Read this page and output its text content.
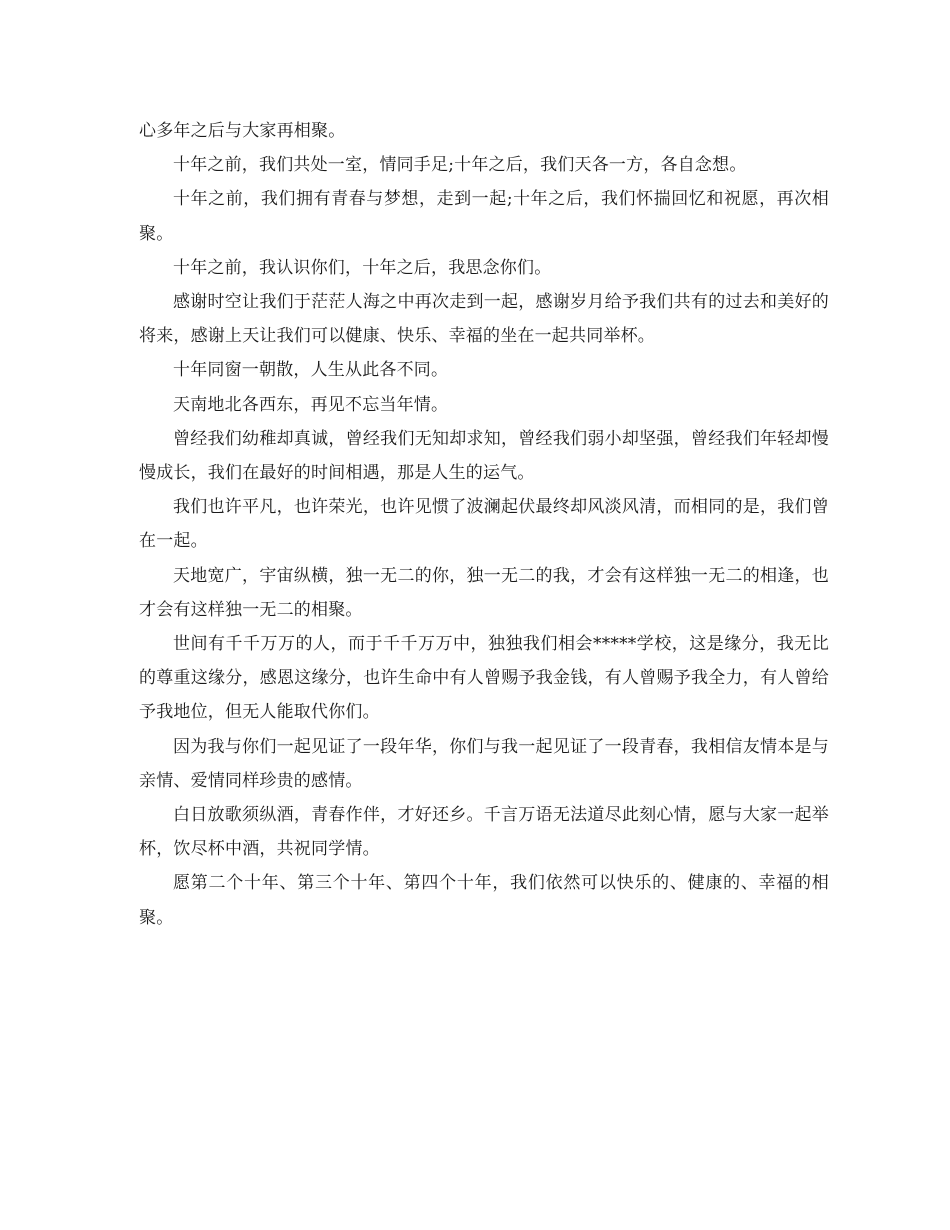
心多年之后与大家再相聚。

十年之前，我们共处一室，情同手足;十年之后，我们天各一方，各自念想。

十年之前，我们拥有青春与梦想，走到一起;十年之后，我们怀揣回忆和祝愿，再次相聚。

十年之前，我认识你们，十年之后，我思念你们。

感谢时空让我们于茫茫人海之中再次走到一起，感谢岁月给予我们共有的过去和美好的将来，感谢上天让我们可以健康、快乐、幸福的坐在一起共同举杯。

十年同窗一朝散，人生从此各不同。

天南地北各西东，再见不忘当年情。

曾经我们幼稚却真诚，曾经我们无知却求知，曾经我们弱小却坚强，曾经我们年轻却慢慢成长，我们在最好的时间相遇，那是人生的运气。

我们也许平凡，也许荣光，也许见惯了波澜起伏最终却风淡风清，而相同的是，我们曾在一起。

天地宽广，宇宙纵横，独一无二的你，独一无二的我，才会有这样独一无二的相逢，也才会有这样独一无二的相聚。

世间有千千万万的人，而于千千万万中，独独我们相会*****学校，这是缘分，我无比的尊重这缘分，感恩这缘分，也许生命中有人曾赐予我金钱，有人曾赐予我全力，有人曾给予我地位，但无人能取代你们。

因为我与你们一起见证了一段年华，你们与我一起见证了一段青春，我相信友情本是与亲情、爱情同样珍贵的感情。

白日放歌须纵酒，青春作伴，才好还乡。千言万语无法道尽此刻心情，愿与大家一起举杯，饮尽杯中酒，共祝同学情。

愿第二个十年、第三个十年、第四个十年，我们依然可以快乐的、健康的、幸福的相聚。
